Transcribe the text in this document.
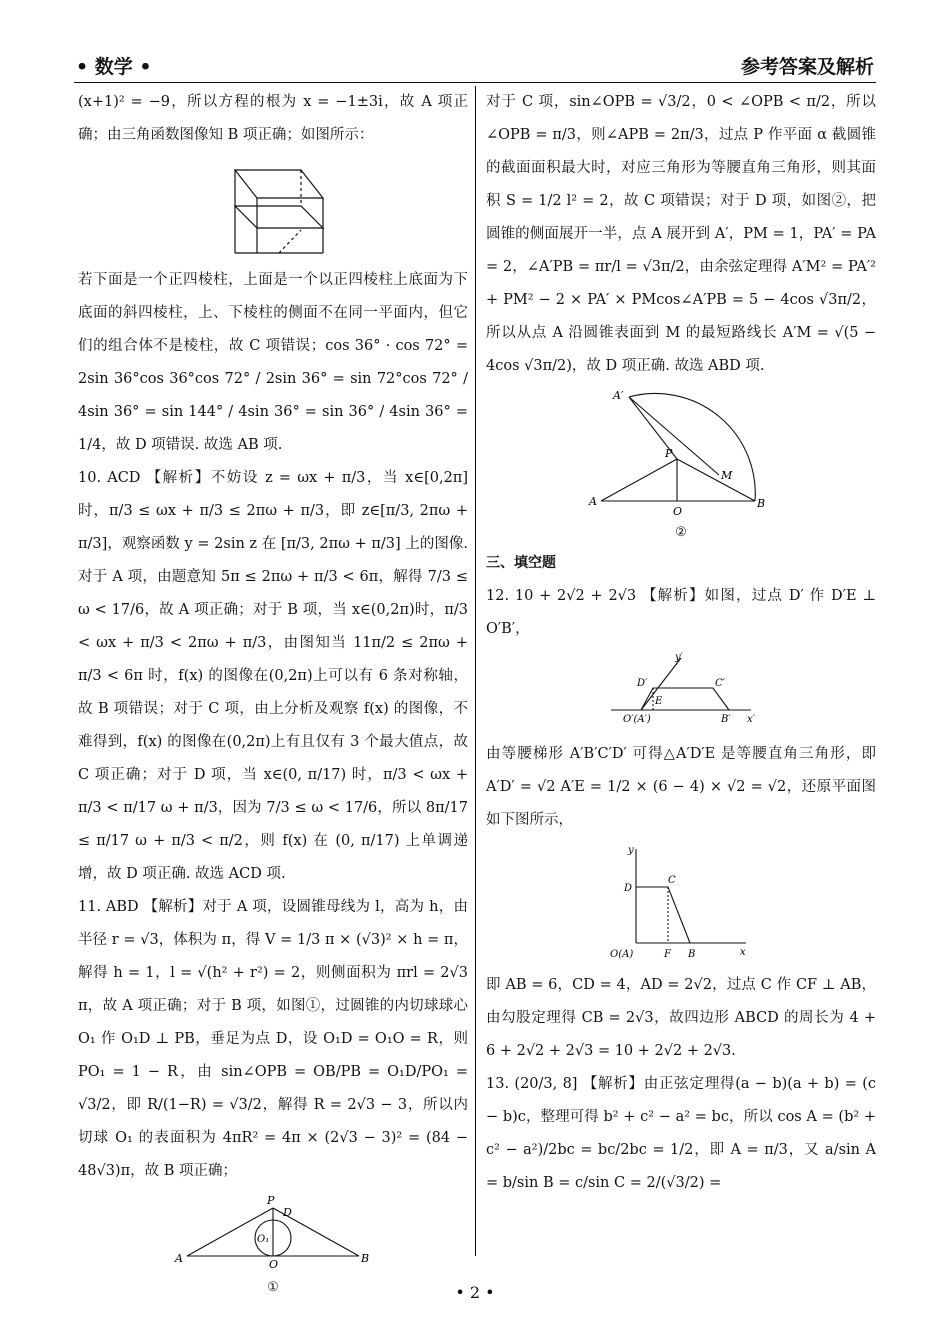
• 数学 •	参考答案及解析

(x+1)² = −9，所以方程的根为 x = −1±3i，故 A 项正确；由三角函数图像知 B 项正确；如图所示：

若下面是一个正四棱柱，上面是一个以正四棱柱上底面为下底面的斜四棱柱，上、下棱柱的侧面不在同一平面内，但它们的组合体不是棱柱，故 C 项错误；cos 36° · cos 72° = 2sin 36°cos 36°cos 72° / 2sin 36° = sin 72°cos 72° / 4sin 36° = sin 144° / 4sin 36° = sin 36° / 4sin 36° = 1/4，故 D 项错误. 故选 AB 项.

10. ACD 【解析】不妨设 z = ωx + π/3，当 x∈[0,2π]时，π/3 ≤ ωx + π/3 ≤ 2πω + π/3，即 z∈[π/3, 2πω + π/3]，观察函数 y = 2sin z 在 [π/3, 2πω + π/3] 上的图像. 对于 A 项，由题意知 5π ≤ 2πω + π/3 < 6π，解得 7/3 ≤ ω < 17/6，故 A 项正确；对于 B 项，当 x∈(0,2π)时，π/3 < ωx + π/3 < 2πω + π/3，由图知当 11π/2 ≤ 2πω + π/3 < 6π 时，f(x) 的图像在(0,2π)上可以有 6 条对称轴，故 B 项错误；对于 C 项，由上分析及观察 f(x) 的图像，不难得到，f(x) 的图像在(0,2π)上有且仅有 3 个最大值点，故 C 项正确；对于 D 项，当 x∈(0, π/17) 时，π/3 < ωx + π/3 < π/17 ω + π/3，因为 7/3 ≤ ω < 17/6，所以 8π/17 ≤ π/17 ω + π/3 < π/2，则 f(x) 在 (0, π/17) 上单调递增，故 D 项正确. 故选 ACD 项.

11. ABD 【解析】对于 A 项，设圆锥母线为 l，高为 h，由半径 r = √3，体积为 π，得 V = 1/3 π × (√3)² × h = π，解得 h = 1，l = √(h² + r²) = 2，则侧面积为 πrl = 2√3 π，故 A 项正确；对于 B 项，如图①，过圆锥的内切球球心 O₁ 作 O₁D ⊥ PB，垂足为点 D，设 O₁D = O₁O = R，则 PO₁ = 1 − R，由 sin∠OPB = OB/PB = O₁D/PO₁ = √3/2，即 R/(1−R) = √3/2，解得 R = 2√3 − 3，所以内切球 O₁ 的表面积为 4πR² = 4π × (2√3 − 3)² = (84 − 48√3)π，故 B 项正确；

P
D
O₁
A	O	B
①

对于 C 项，sin∠OPB = √3/2，0 < ∠OPB < π/2，所以 ∠OPB = π/3，则∠APB = 2π/3，过点 P 作平面 α 截圆锥的截面面积最大时，对应三角形为等腰直角三角形，则其面积 S = 1/2 l² = 2，故 C 项错误；对于 D 项，如图②，把圆锥的侧面展开一半，点 A 展开到 A′，PM = 1，PA′ = PA = 2，∠A′PB = πr/l = √3π/2，由余弦定理得 A′M² = PA′² + PM² − 2 × PA′ × PMcos∠A′PB = 5 − 4cos √3π/2，所以从点 A 沿圆锥表面到 M 的最短路线长 A′M = √(5 − 4cos √3π/2)，故 D 项正确. 故选 ABD 项.

A′
P
M
A
O
B
②
三、填空题

12. 10 + 2√2 + 2√3 【解析】如图，过点 D′ 作 D′E ⊥ O′B′，

y′
D′	C′
E
O′(A′)	B′ x′

由等腰梯形 A′B′C′D′ 可得△A′D′E 是等腰直角三角形，即 A′D′ = √2 A′E = 1/2 × (6 − 4) × √2 = √2，还原平面图如下图所示，

y
D
C
O(A)	F B	x

即 AB = 6，CD = 4，AD = 2√2，过点 C 作 CF ⊥ AB，由勾股定理得 CB = 2√3，故四边形 ABCD 的周长为 4 + 6 + 2√2 + 2√3 = 10 + 2√2 + 2√3.

13. (20/3, 8] 【解析】由正弦定理得(a − b)(a + b) = (c − b)c，整理可得 b² + c² − a² = bc，所以 cos A = (b² + c² − a²)/2bc = bc/2bc = 1/2，即 A = π/3，又 a/sin A = b/sin B = c/sin C = 2/(√3/2) =

• 2 •
